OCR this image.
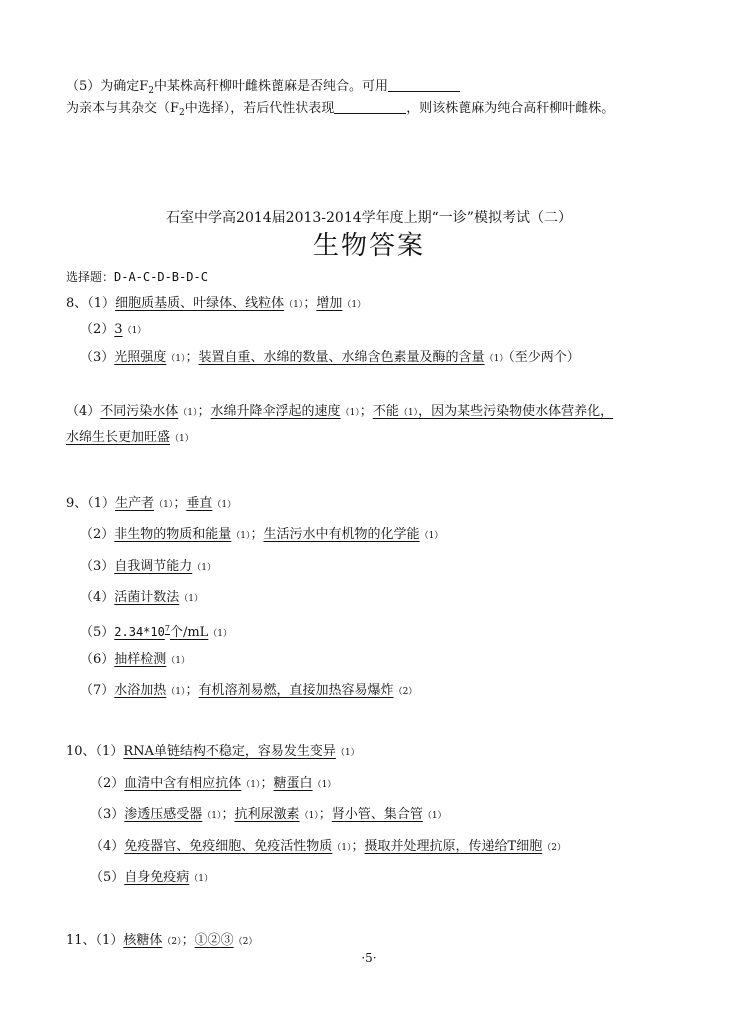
（5）为确定$F_2$中某株高秆柳叶雌株蓖麻是否纯合。可用
为亲本与其杂交（$F_2$中选择），若后代性状表现	，则该株蓖麻为纯合高秆柳叶雌株。
石室中学高2014届2013-2014学年度上期“一诊”模拟考试（二）
生物答案
选择题：D-A-C-D-B-D-C
8、（1）细胞质基质、叶绿体、线粒体（1）；增加（1）
（2）3（1）
（3）光照强度（1）；装置自重、水绵的数量、水绵含色素量及酶的含量（1）（至少两个）
（4）不同污染水体（1）；水绵升降伞浮起的速度（1）；不能（1），因为某些污染物使水体营养化，
水绵生长更加旺盛（1）
9、（1）生产者（1）；垂直（1）
（2）非生物的物质和能量（1）；生活污水中有机物的化学能（1）
（3）自我调节能力（1）
（4）活菌计数法（1）
$(5)2.34*10^7$个/mL（1）
（6）抽样检测（1）
（7）水浴加热（1）；有机溶剂易燃，直接加热容易爆炸（2）
10、（1）RNA单链结构不稳定，容易发生变异（1）
（2）血清中含有相应抗体（1）；糖蛋白（1）
（3）渗透压感受器（1）；抗利尿激素（1）；肾小管、集合管（1）
（4）免疫器官、免疫细胞、免疫活性物质（1）；摄取并处理抗原，传递给T细胞（2）
（5）自身免疫病（1）
11、（1）核糖体（2）；①②③（2）
·5·
